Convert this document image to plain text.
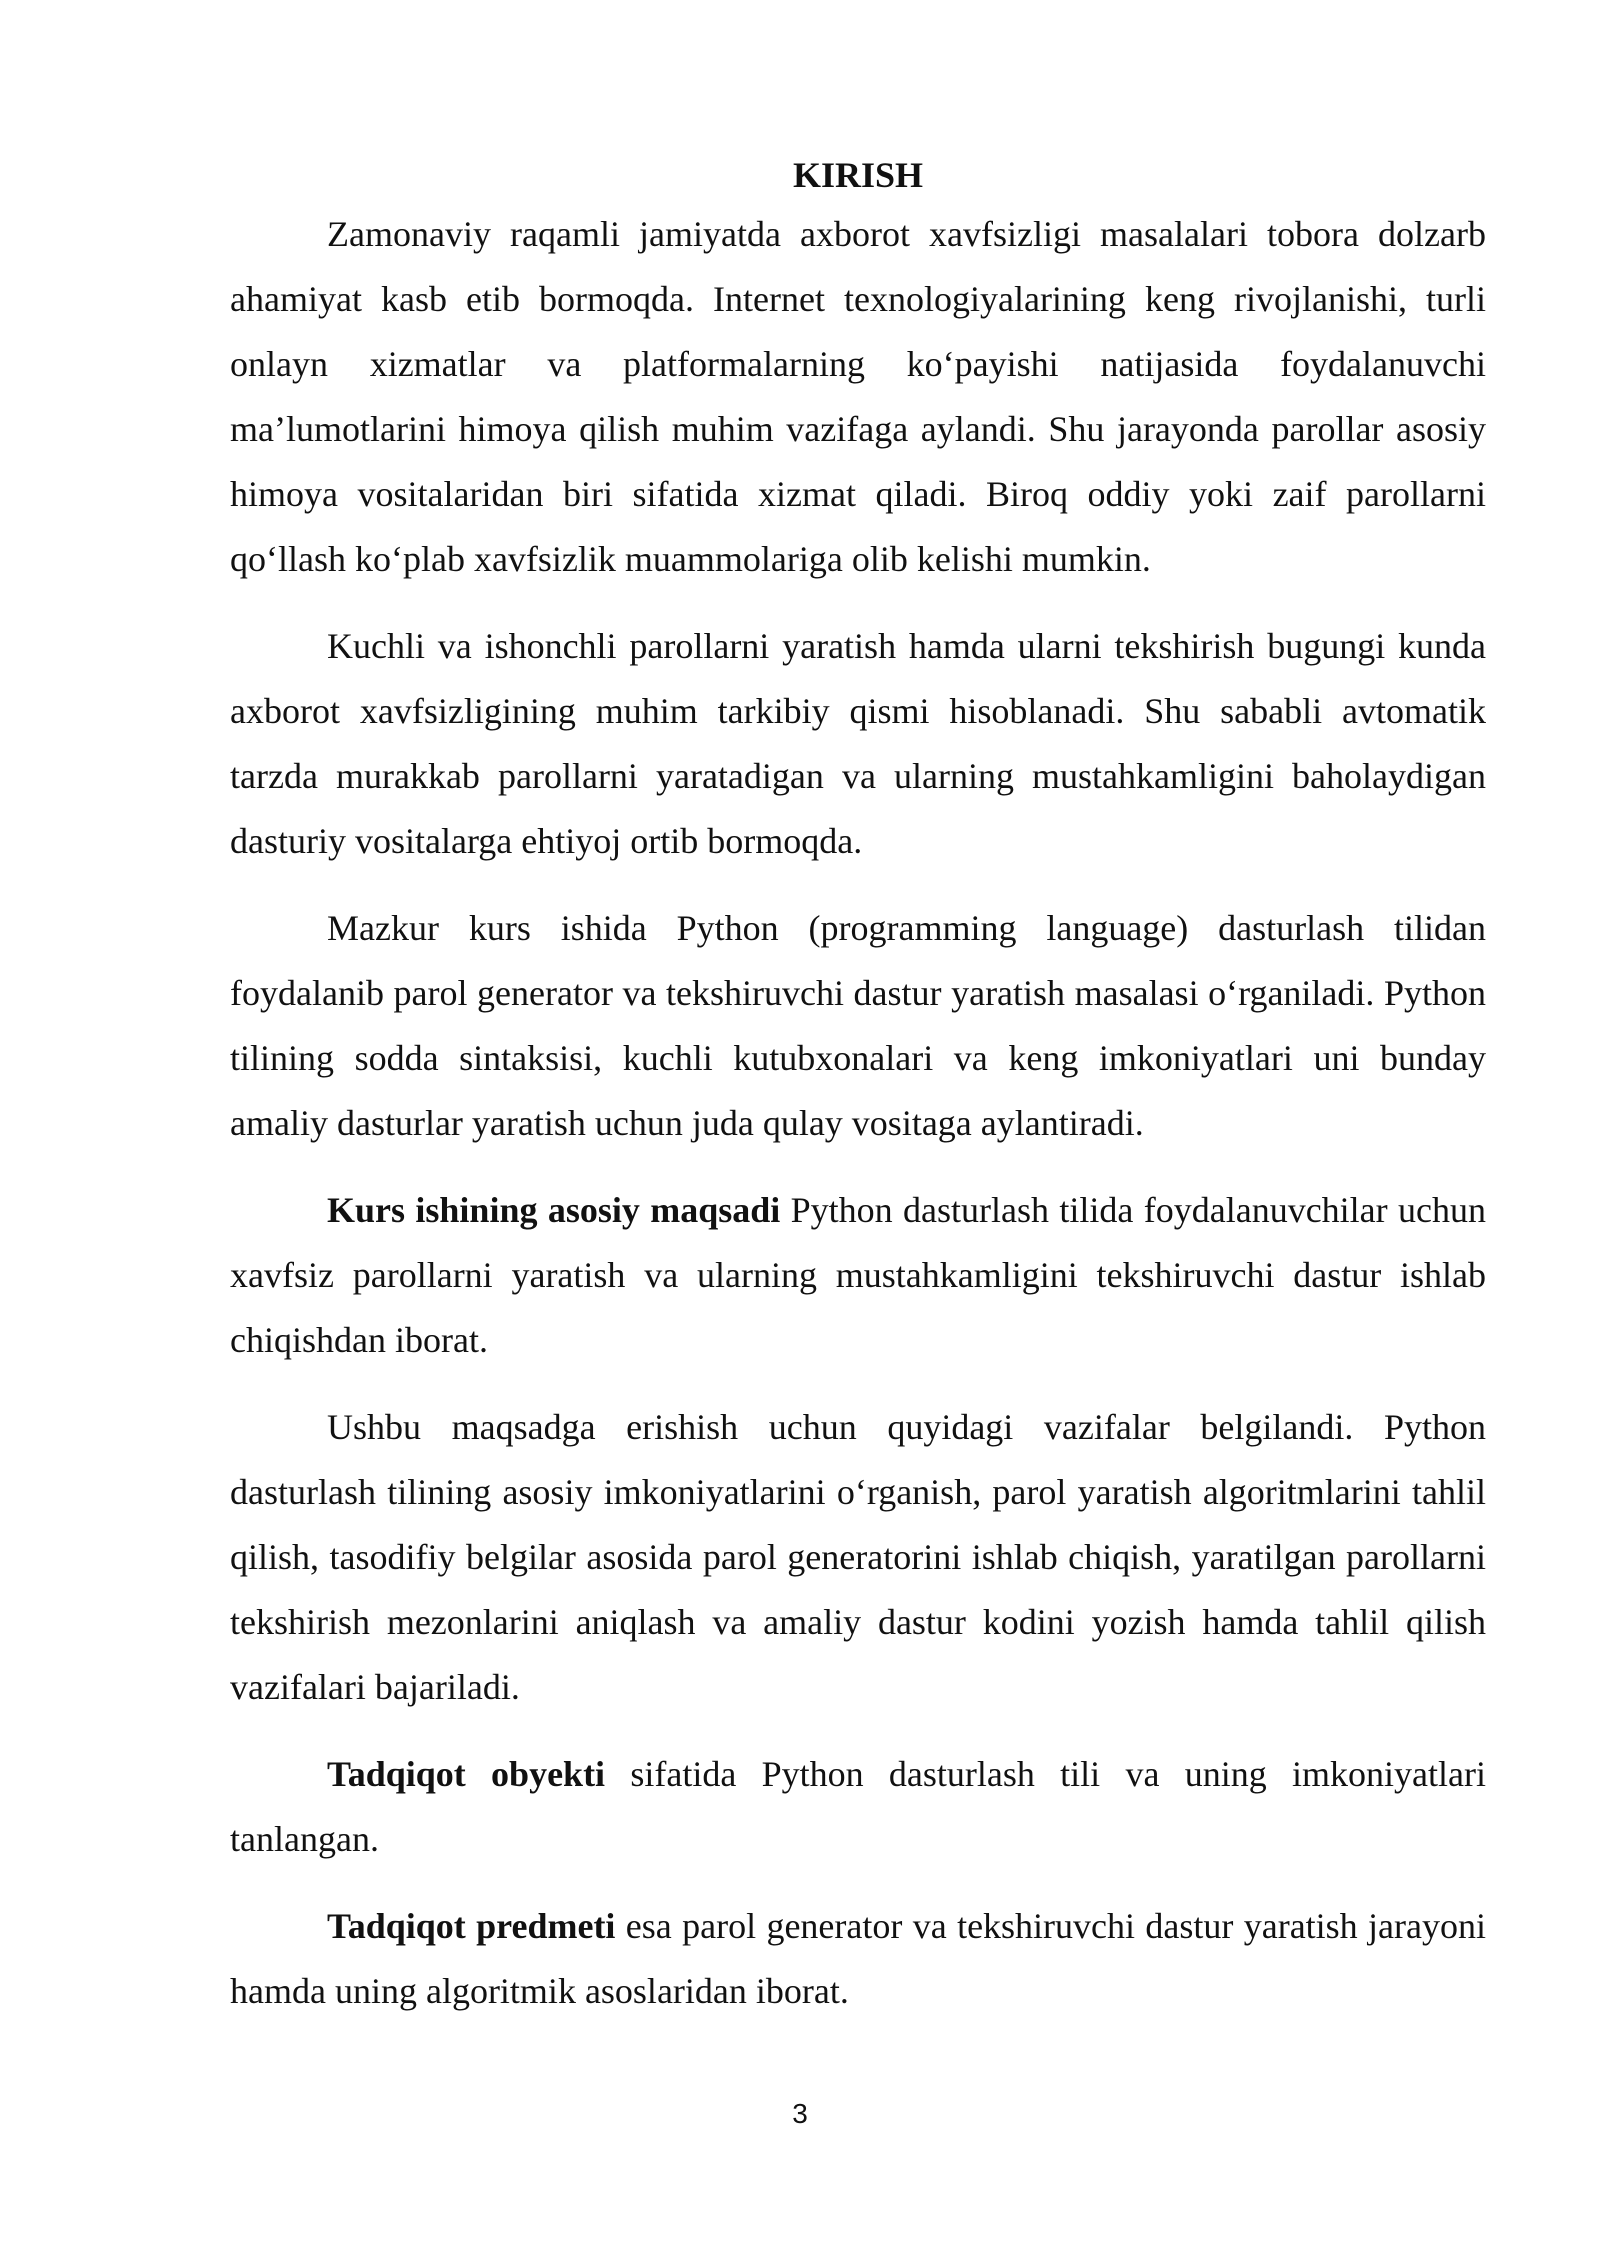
KIRISH

Zamonaviy raqamli jamiyatda axborot xavfsizligi masalalari tobora dolzarb ahamiyat kasb etib bormoqda. Internet texnologiyalarining keng rivojlanishi, turli onlayn xizmatlar va platformalarning ko‘payishi natijasida foydalanuvchi ma’lumotlarini himoya qilish muhim vazifaga aylandi. Shu jarayonda parollar asosiy himoya vositalaridan biri sifatida xizmat qiladi. Biroq oddiy yoki zaif parollarni qo‘llash ko‘plab xavfsizlik muammolariga olib kelishi mumkin.

Kuchli va ishonchli parollarni yaratish hamda ularni tekshirish bugungi kunda axborot xavfsizligining muhim tarkibiy qismi hisoblanadi. Shu sababli avtomatik tarzda murakkab parollarni yaratadigan va ularning mustahkamligini baholaydigan dasturiy vositalarga ehtiyoj ortib bormoqda.

Mazkur kurs ishida Python (programming language) dasturlash tilidan foydalanib parol generator va tekshiruvchi dastur yaratish masalasi o‘rganiladi. Python tilining sodda sintaksisi, kuchli kutubxonalari va keng imkoniyatlari uni bunday amaliy dasturlar yaratish uchun juda qulay vositaga aylantiradi.

Kurs ishining asosiy maqsadi Python dasturlash tilida foydalanuvchilar uchun xavfsiz parollarni yaratish va ularning mustahkamligini tekshiruvchi dastur ishlab chiqishdan iborat.

Ushbu maqsadga erishish uchun quyidagi vazifalar belgilandi. Python dasturlash tilining asosiy imkoniyatlarini o‘rganish, parol yaratish algoritmlarini tahlil qilish, tasodifiy belgilar asosida parol generatorini ishlab chiqish, yaratilgan parollarni tekshirish mezonlarini aniqlash va amaliy dastur kodini yozish hamda tahlil qilish vazifalari bajariladi.

Tadqiqot obyekti sifatida Python dasturlash tili va uning imkoniyatlari tanlangan.

Tadqiqot predmeti esa parol generator va tekshiruvchi dastur yaratish jarayoni hamda uning algoritmik asoslaridan iborat.

3
